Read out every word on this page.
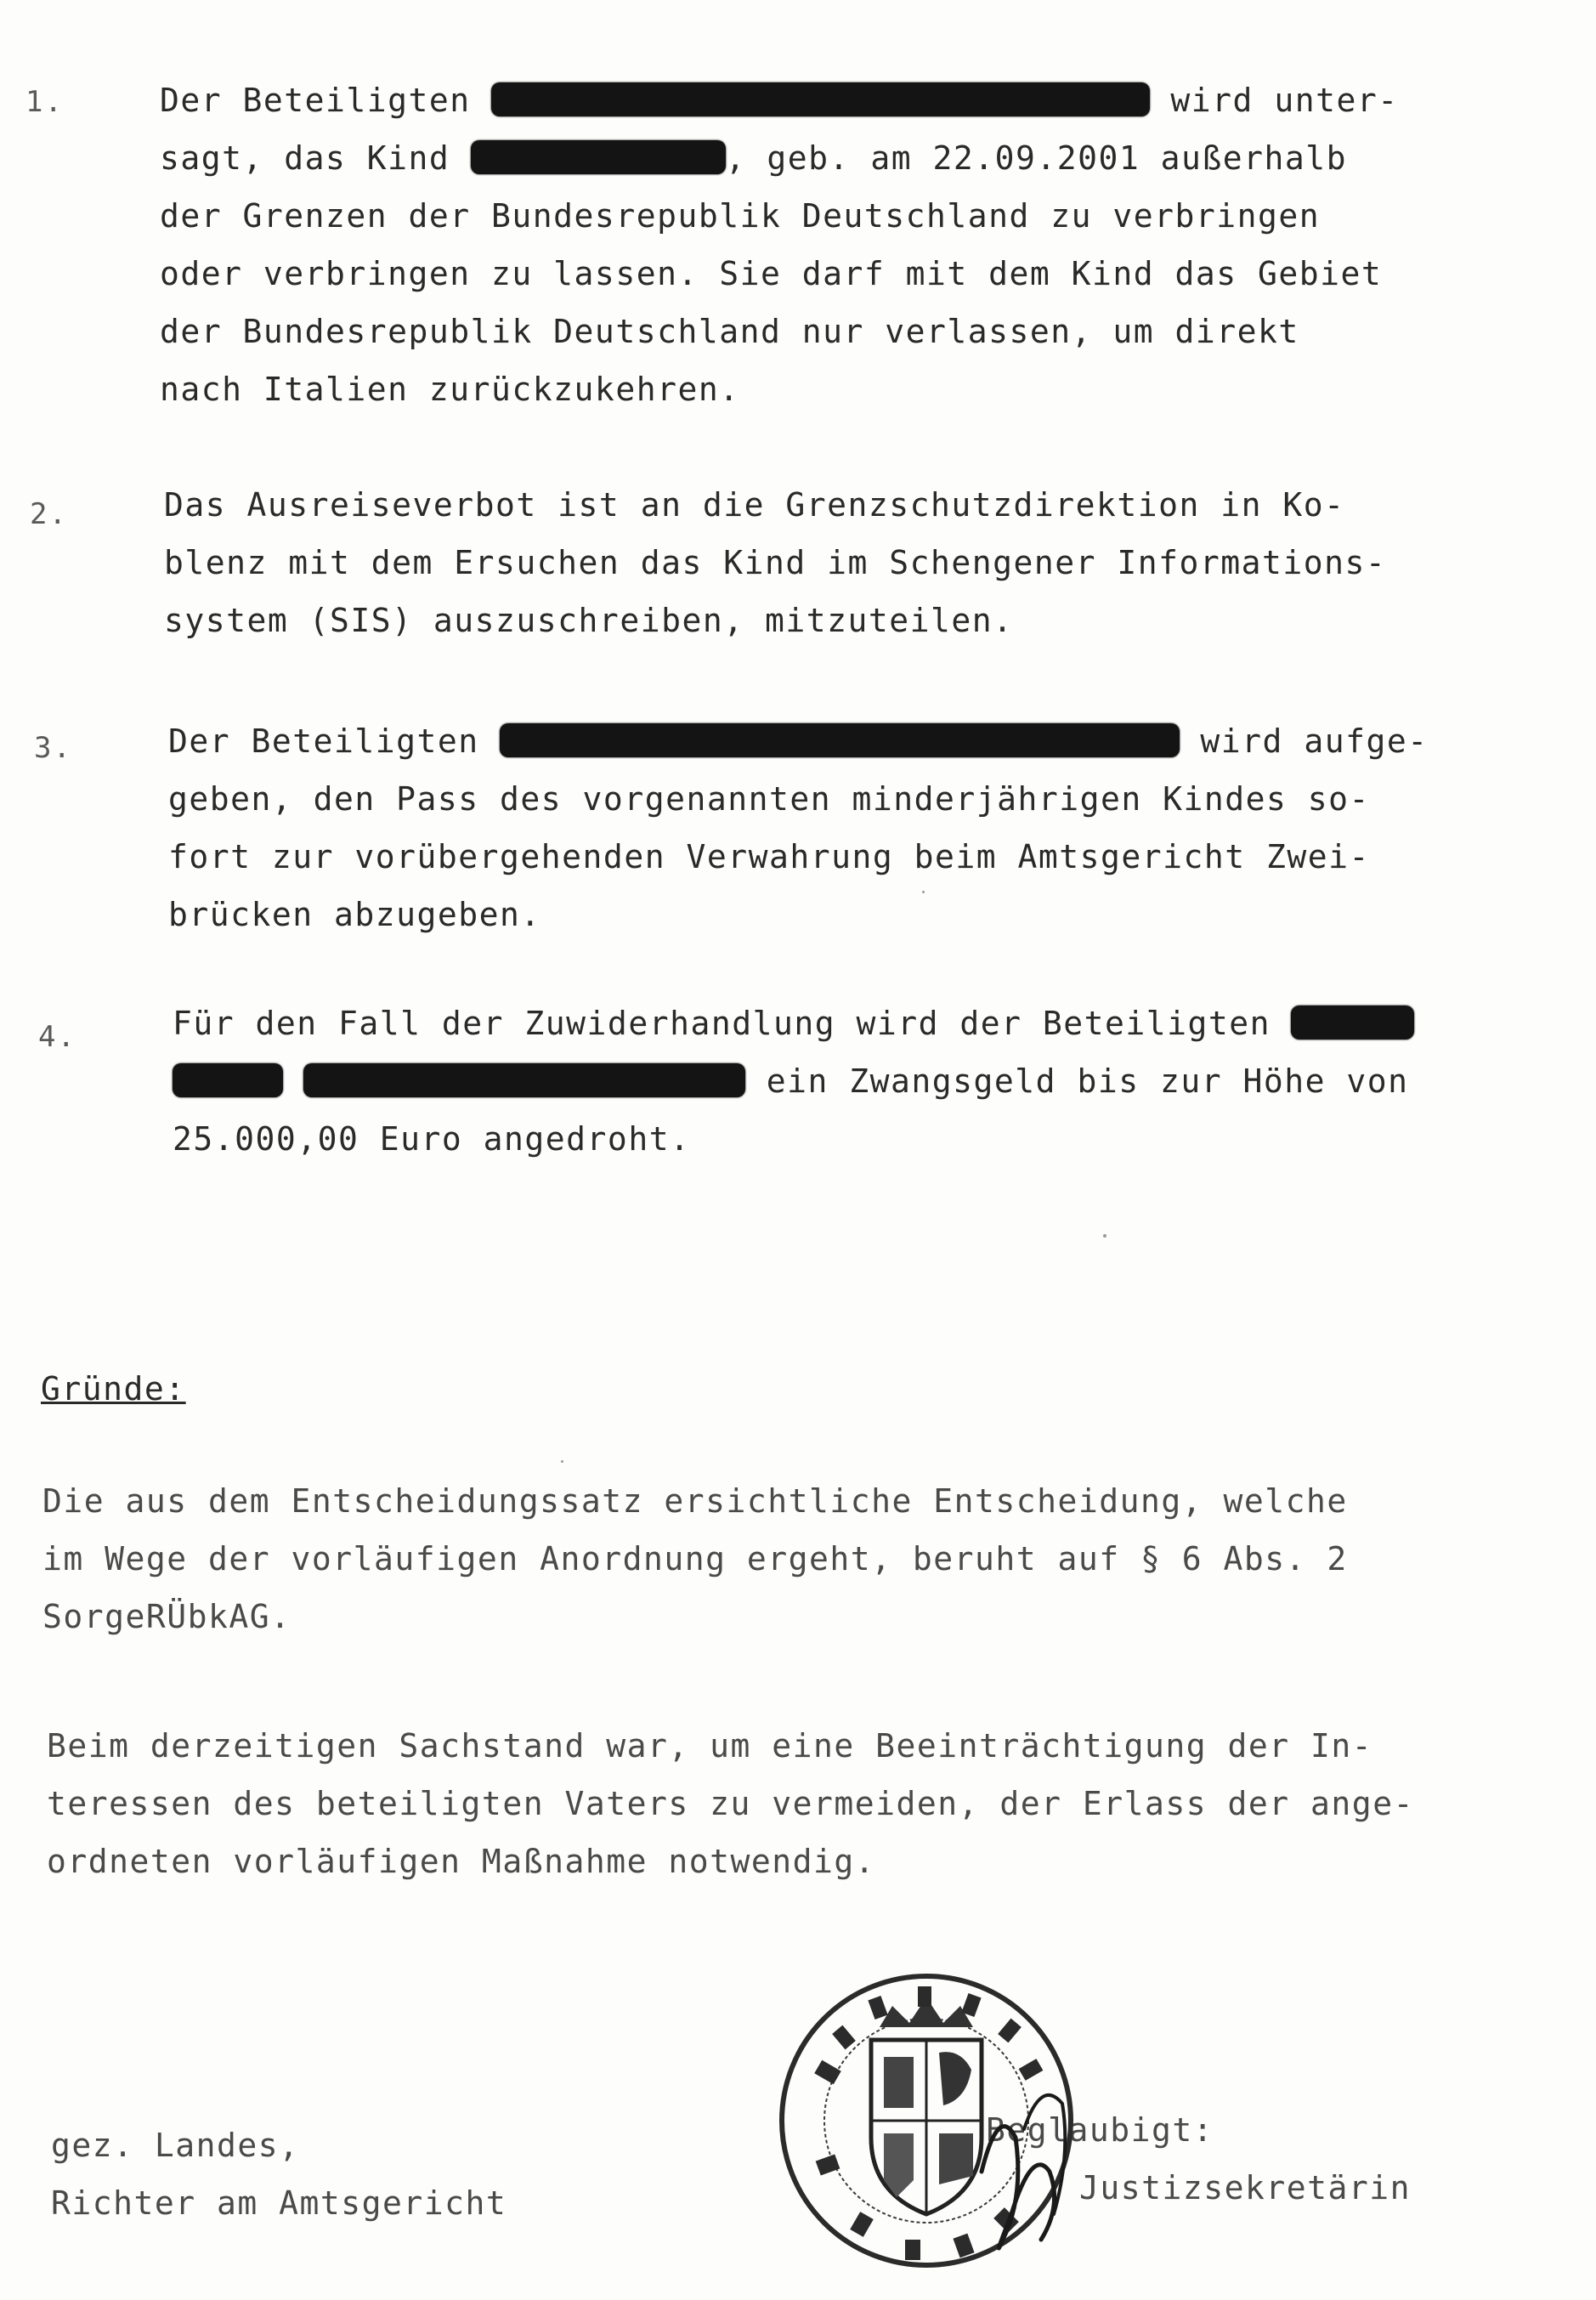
1.	Der Beteiligten	wird unter-
sagt, das Kind	, geb. am 22.09.2001 außerhalb
der Grenzen der Bundesrepublik Deutschland zu verbringen
oder verbringen zu lassen. Sie darf mit dem Kind das Gebiet
der Bundesrepublik Deutschland nur verlassen, um direkt
nach Italien zurückzukehren.
2.	Das Ausreiseverbot ist an die Grenzschutzdirektion in Ko-
blenz mit dem Ersuchen das Kind im Schengener Informations-
system (SIS) auszuschreiben, mitzuteilen.
3.	Der Beteiligten	wird aufge-
geben, den Pass des vorgenannten minderjährigen Kindes so-
fort zur vorübergehenden Verwahrung beim Amtsgericht Zwei-
brücken abzugeben.
4.	Für den Fall der Zuwiderhandlung wird der Beteiligten
ein Zwangsgeld bis zur Höhe von
25.000,00 Euro angedroht.
Gründe:
Die aus dem Entscheidungssatz ersichtliche Entscheidung, welche
im Wege der vorläufigen Anordnung ergeht, beruht auf § 6 Abs. 2
SorgeRÜbkAG.
Beim derzeitigen Sachstand war, um eine Beeinträchtigung der In-
teressen des beteiligten Vaters zu vermeiden, der Erlass der ange-
ordneten vorläufigen Maßnahme notwendig.
gez. Landes,
Richter am Amtsgericht
Beglaubigt:
Justizsekretärin
